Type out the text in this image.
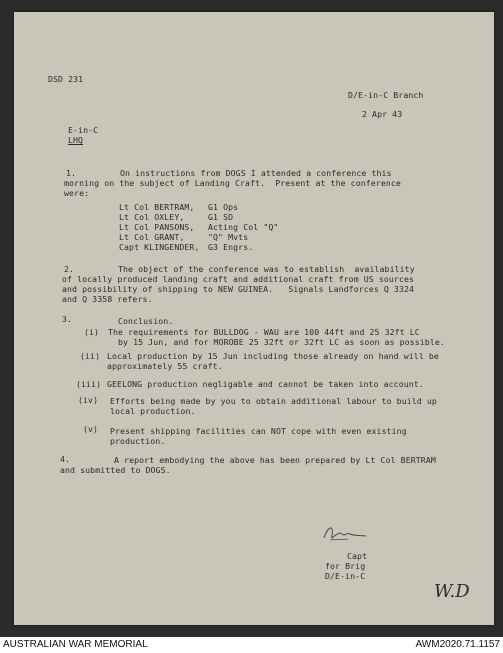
DSD 231
D/E-in-C Branch
2 Apr 43
E-in-C
LHQ
1.	On instructions from DOGS I attended a conference this
morning on the subject of Landing Craft.  Present at the conference
were:
Lt Col BERTRAM, G1 Ops
Lt Col OXLEY,	G1 SD
Lt Col PANSONS, Acting Col "Q"
Lt Col GRANT,	"Q" Mvts
Capt KLINGENDER, G3 Engrs.
2.	The object of the conference was to establish  availability
of locally produced landing craft and additional craft from US sources
and possibility of shipping to NEW GUINEA.   Signals Landforces Q 3324
and Q 3358 refers.
3.	Conclusion.
(i) The requirements for BULLDOG - WAU are 100 44ft and 25 32ft LC
by 15 Jun, and for MOROBE 25 32ft or 32ft LC as soon as possible.
(ii) Local production by 15 Jun including those already on hand will be
approximately 55 craft.
(iii) GEELONG production negligable and cannot be taken into account.
(iv) Efforts being made by you to obtain additional labour to build up
local production.
(v) Present shipping facilities can NOT cope with even existing
production.
4.	A report embodying the above has been prepared by Lt Col BERTRAM
and submitted to DOGS.
Capt
for Brig
D/E-in-C
W.D
AUSTRALIAN WAR MEMORIAL	AWM2020.71.1157
